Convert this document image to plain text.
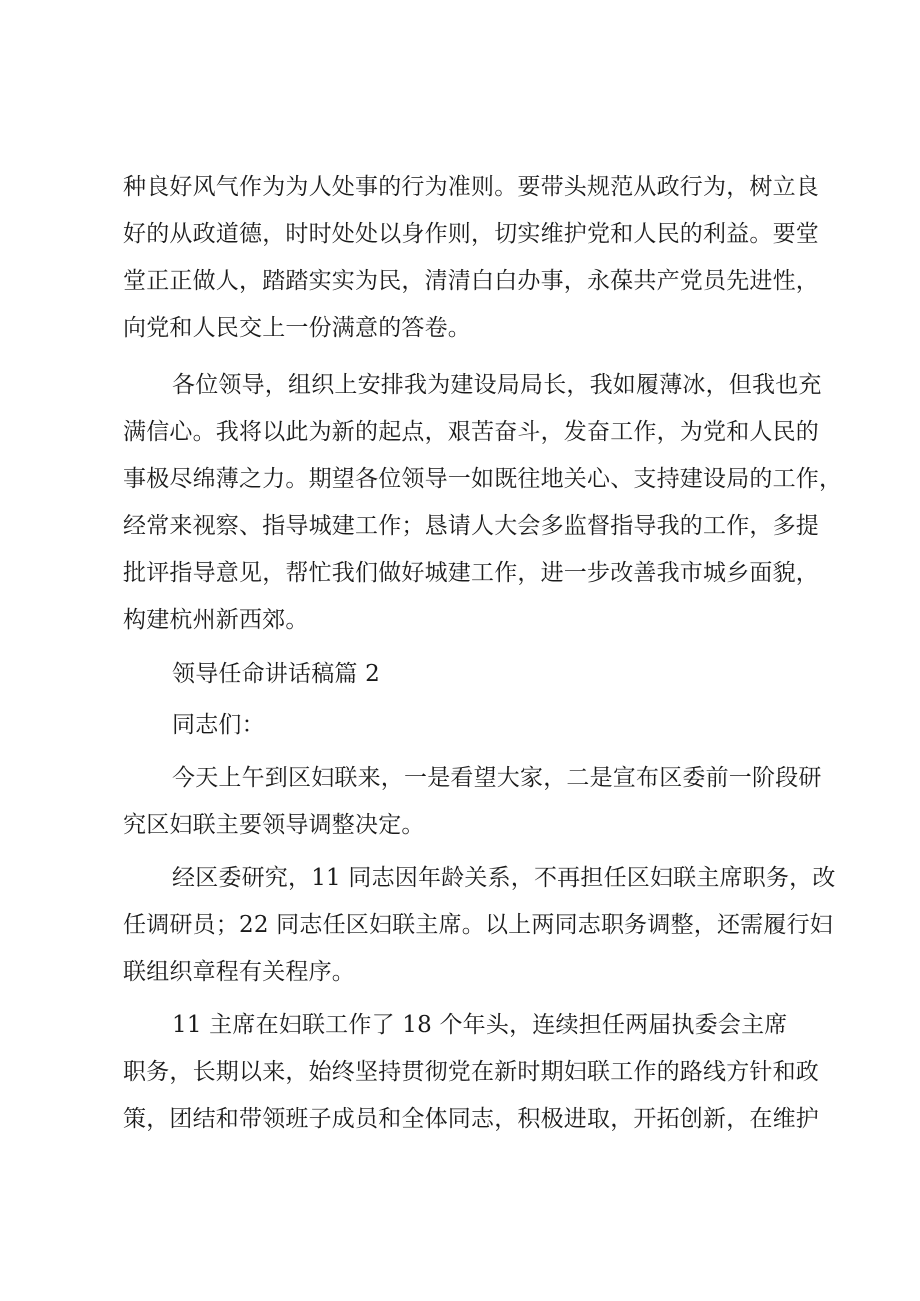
种良好风气作为为人处事的行为准则。要带头规范从政行为，树立良
好的从政道德，时时处处以身作则，切实维护党和人民的利益。要堂
堂正正做人，踏踏实实为民，清清白白办事，永葆共产党员先进性，
向党和人民交上一份满意的答卷。
各位领导，组织上安排我为建设局局长，我如履薄冰，但我也充
满信心。我将以此为新的起点，艰苦奋斗，发奋工作，为党和人民的
事极尽绵薄之力。期望各位领导一如既往地关心、支持建设局的工作，
经常来视察、指导城建工作；恳请人大会多监督指导我的工作，多提
批评指导意见，帮忙我们做好城建工作，进一步改善我市城乡面貌，
构建杭州新西郊。
领导任命讲话稿篇 2
同志们：
今天上午到区妇联来，一是看望大家，二是宣布区委前一阶段研
究区妇联主要领导调整决定。
经区委研究，11 同志因年龄关系，不再担任区妇联主席职务，改
任调研员；22 同志任区妇联主席。以上两同志职务调整，还需履行妇
联组织章程有关程序。
11 主席在妇联工作了 18 个年头，连续担任两届执委会主席
职务，长期以来，始终坚持贯彻党在新时期妇联工作的路线方针和政
策，团结和带领班子成员和全体同志，积极进取，开拓创新，在维护
